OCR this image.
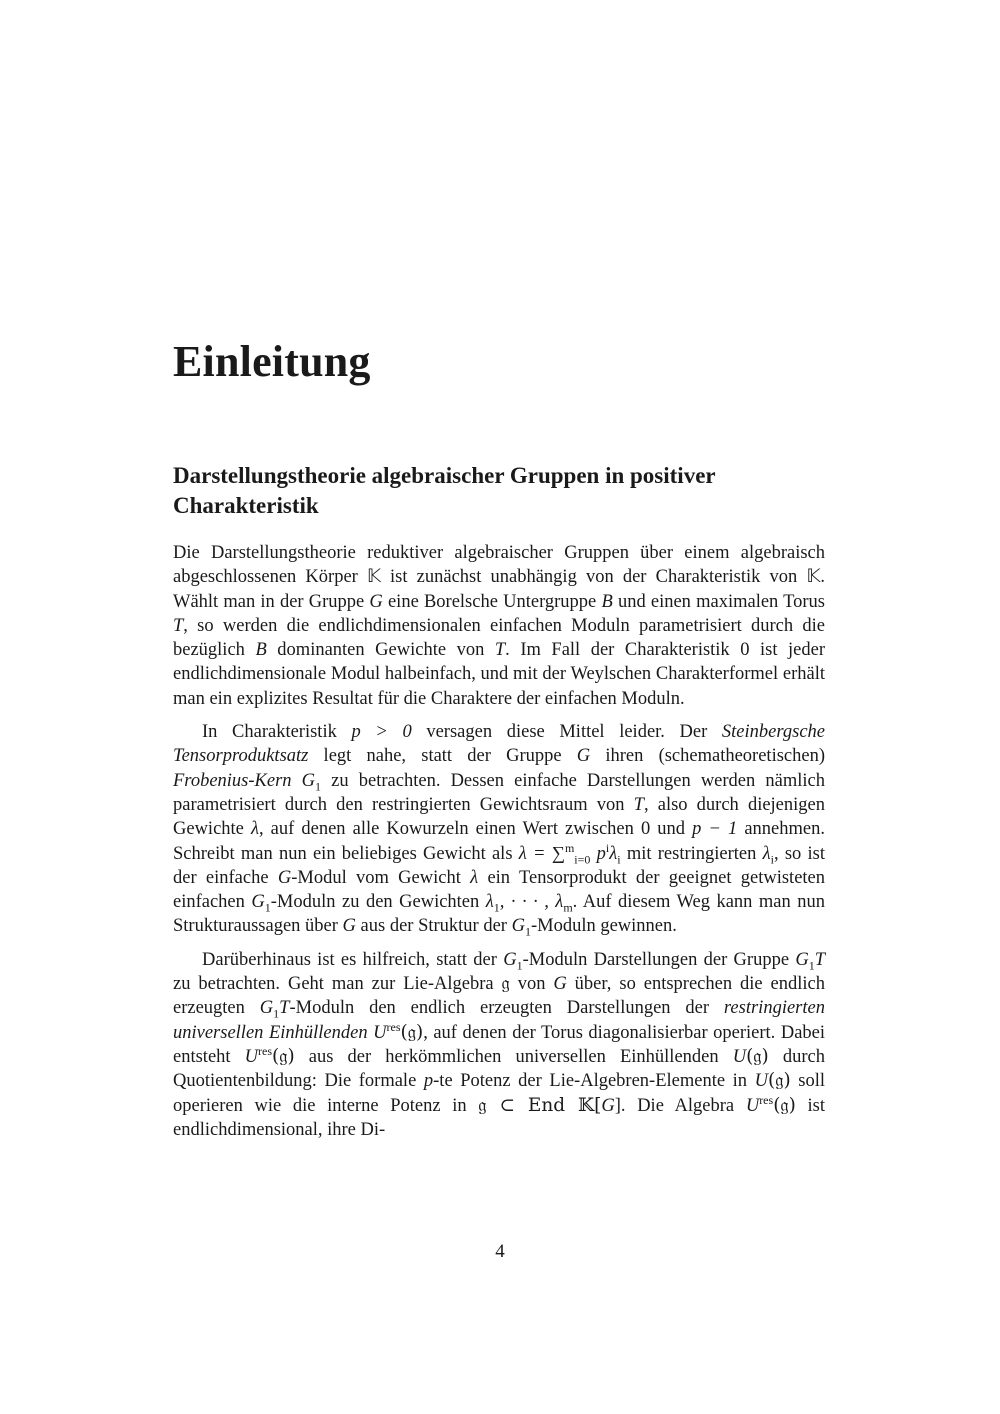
Einleitung
Darstellungstheorie algebraischer Gruppen in positiver Charakteristik

Die Darstellungstheorie reduktiver algebraischer Gruppen über einem algebraisch abgeschlossenen Körper 𝕂 ist zunächst unabhängig von der Charakteristik von 𝕂. Wählt man in der Gruppe G eine Borelsche Untergruppe B und einen maximalen Torus T, so werden die endlichdimensionalen einfachen Moduln parametrisiert durch die bezüglich B dominanten Gewichte von T. Im Fall der Charakteristik 0 ist jeder endlichdimensionale Modul halbeinfach, und mit der Weylschen Charakterformel erhält man ein explizites Resultat für die Charaktere der einfachen Moduln.

In Charakteristik p > 0 versagen diese Mittel leider. Der Steinbergsche Tensorproduktsatz legt nahe, statt der Gruppe G ihren (schematheoretischen) Frobenius-Kern $G_1$ zu betrachten. Dessen einfache Darstellungen werden nämlich parametrisiert durch den restringierten Gewichtsraum von T, also durch diejenigen Gewichte λ, auf denen alle Kowurzeln einen Wert zwischen 0 und p − 1 annehmen. Schreibt man nun ein beliebiges Gewicht als λ = ∑$^m_{i=0}$ $p^i\lambda_i$ mit restringierten $\lambda_i$, so ist der einfache G-Modul vom Gewicht λ ein Tensorprodukt der geeignet getwisteten einfachen $G_1$-Moduln zu den Gewichten $\lambda_1$, · · · , $\lambda_m$. Auf diesem Weg kann man nun Strukturaussagen über G aus der Struktur der $G_1$-Moduln gewinnen.

Darüberhinaus ist es hilfreich, statt der $G_1$-Moduln Darstellungen der Gruppe $G_1T$ zu betrachten. Geht man zur Lie-Algebra 𝔤 von G über, so entsprechen die endlich erzeugten $G_1T$-Moduln den endlich erzeugten Darstellungen der restringierten universellen Einhüllenden $U^{res}(𝔤)$, auf denen der Torus diagonalisierbar operiert. Dabei entsteht $U^{res}(𝔤)$ aus der herkömmlichen universellen Einhüllenden U(𝔤) durch Quotientenbildung: Die formale p-te Potenz der Lie-Algebren-Elemente in U(𝔤) soll operieren wie die interne Potenz in 𝔤 ⊂ End 𝕂[G]. Die Algebra $U^{res}(𝔤)$ ist endlichdimensional, ihre Di-

4
